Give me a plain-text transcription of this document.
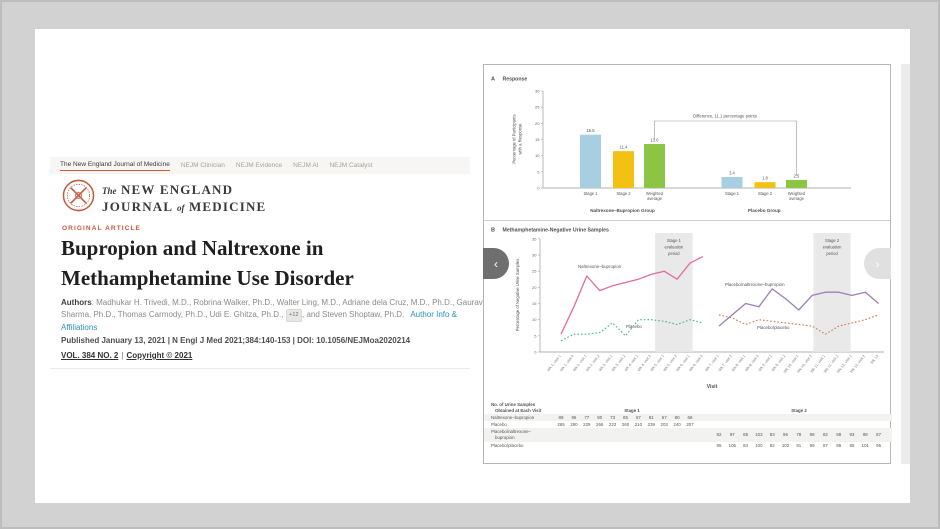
The New England Journal of Medicine NEJM Clinician NEJM Evidence NEJM AI NEJM Catalyst
The NEW ENGLAND
JOURNAL of MEDICINE
ORIGINAL ARTICLE
Bupropion and Naltrexone in
Methamphetamine Use Disorder

Authors: Madhukar H. Trivedi, M.D., Robrina Walker, Ph.D., Walter Ling, M.D., Adriane dela Cruz, M.D., Ph.D., Gaurav Sharma, Ph.D., Thomas Carmody, Ph.D., Udi E. Ghitza, Ph.D., +12 , and Steven Shoptaw, Ph.D. Author Info & Affiliations

Published January 13, 2021 | N Engl J Med 2021;384:140-153 | DOI: 10.1056/NEJMoa2020214

VOL. 384 NO. 2 | Copyright © 2021

A Response
0
5
10
15
20
25
30
Percentage of Participantswith a Response	16.5
Stage 1
11.4
Stage 2
13.6
Weighted
average
Naltrexone–Bupropion Group
3.4
Stage 1
1.8
Stage 2
2.5
Weighted
average
Placebo Group
Difference, 11.1 percentage points
B Methamphetamine-Negative Urine Samples
0
5
10
15
20
25
30
35
Percentage of Negative Urine Samples
Stage 1
evaluation
period
Naltrexone–bupropion
Placebo
Wk 1, visit 1
Wk 1, visit 2
Wk 2, visit 1
Wk 2, visit 2
Wk 3, visit 1
Wk 3, visit 2
Wk 4, visit 1
Wk 4, visit 2
Wk 5, visit 1
Wk 5, visit 2
Wk 6, visit 1
Wk 6, visit 2
Stage 2
evaluation
period
Placebo/naltrexone–bupropion
Placebo/placebo
Wk 7, visit 1
Wk 7, visit 2
Wk 8, visit 1
Wk 8, visit 2
Wk 9, visit 1
Wk 9, visit 2
Wk 10, visit 1
Wk 10, visit 2
Wk 11, visit 1
Wk 11, visit 2
Wk 12, visit 1
Wk 12, visit 2 Wk 13
Visit
No. of Urine Samples
Obtained at Each Visit	Stage 1	Stage 2
Naltrexone–bupropion	89 96 77 90 73 85 67 81 67 80 68
Placebo	265 280 229 266 223 260 210 239 203 240 207
Placebo/naltrexone–
bupropion
92 97 85 103 83 96 78 98 82 98 93 98 87
Placebo/placebo	95 106 84 100 82 102 91 99 87 99 85 101 96
‹	›
